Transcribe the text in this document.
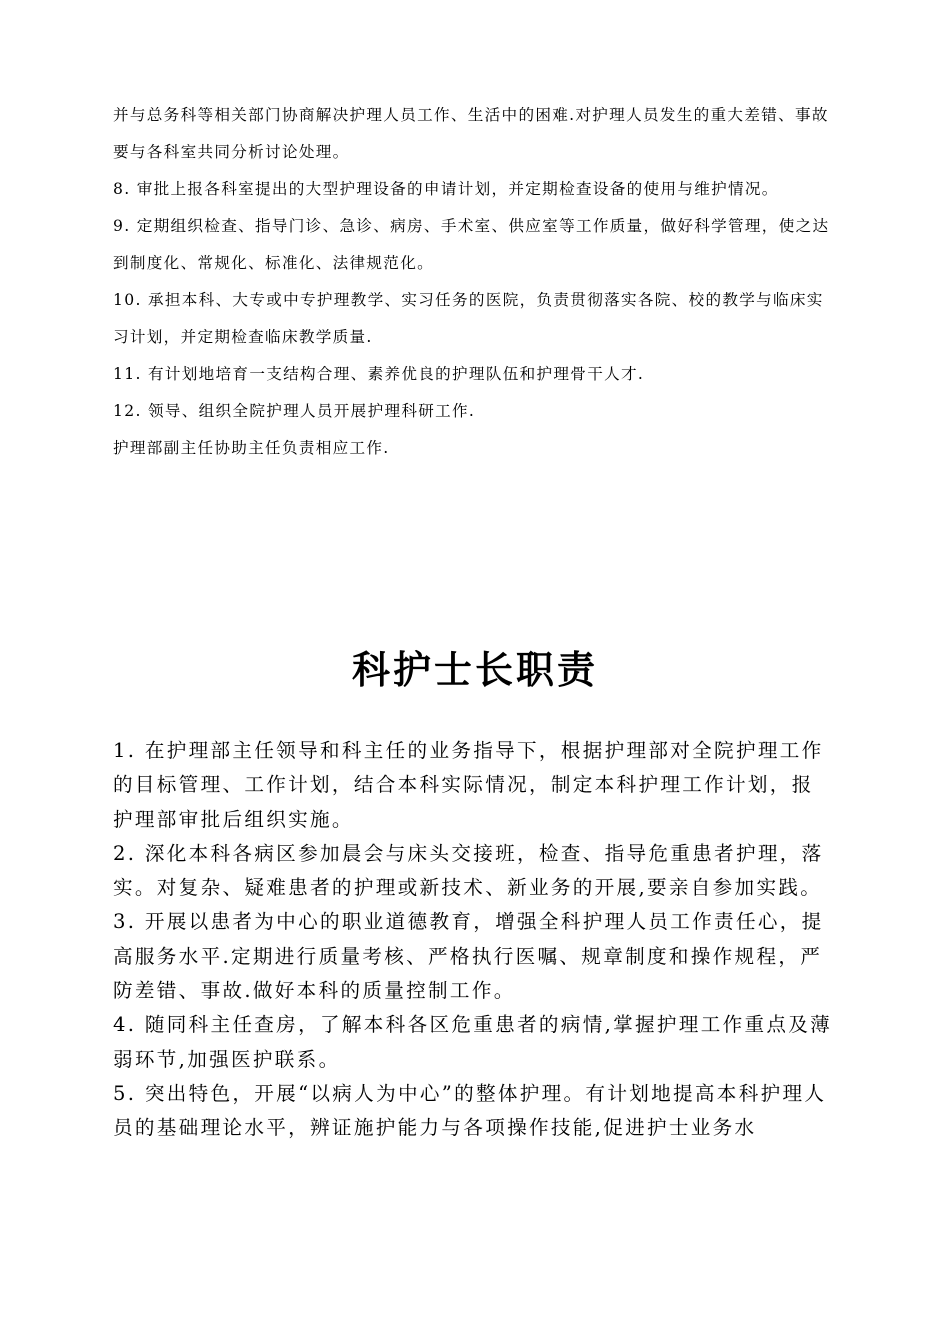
并与总务科等相关部门协商解决护理人员工作、生活中的困难.对护理人员发生的重大差错、事故要与各科室共同分析讨论处理。

8. 审批上报各科室提出的大型护理设备的申请计划，并定期检查设备的使用与维护情况。

9. 定期组织检查、指导门诊、急诊、病房、手术室、供应室等工作质量，做好科学管理，使之达到制度化、常规化、标准化、法律规范化。

10. 承担本科、大专或中专护理教学、实习任务的医院，负责贯彻落实各院、校的教学与临床实习计划，并定期检查临床教学质量.

11. 有计划地培育一支结构合理、素养优良的护理队伍和护理骨干人才.

12. 领导、组织全院护理人员开展护理科研工作.

护理部副主任协助主任负责相应工作.

科护士长职责

1. 在护理部主任领导和科主任的业务指导下，根据护理部对全院护理工作的目标管理、工作计划，结合本科实际情况，制定本科护理工作计划，报护理部审批后组织实施。

2. 深化本科各病区参加晨会与床头交接班，检查、指导危重患者护理，落实。对复杂、疑难患者的护理或新技术、新业务的开展,要亲自参加实践。

3. 开展以患者为中心的职业道德教育，增强全科护理人员工作责任心，提高服务水平.定期进行质量考核、严格执行医嘱、规章制度和操作规程，严防差错、事故.做好本科的质量控制工作。

4. 随同科主任查房，了解本科各区危重患者的病情,掌握护理工作重点及薄弱环节,加强医护联系。

5. 突出特色，开展“以病人为中心”的整体护理。有计划地提高本科护理人员的基础理论水平，辨证施护能力与各项操作技能,促进护士业务水
